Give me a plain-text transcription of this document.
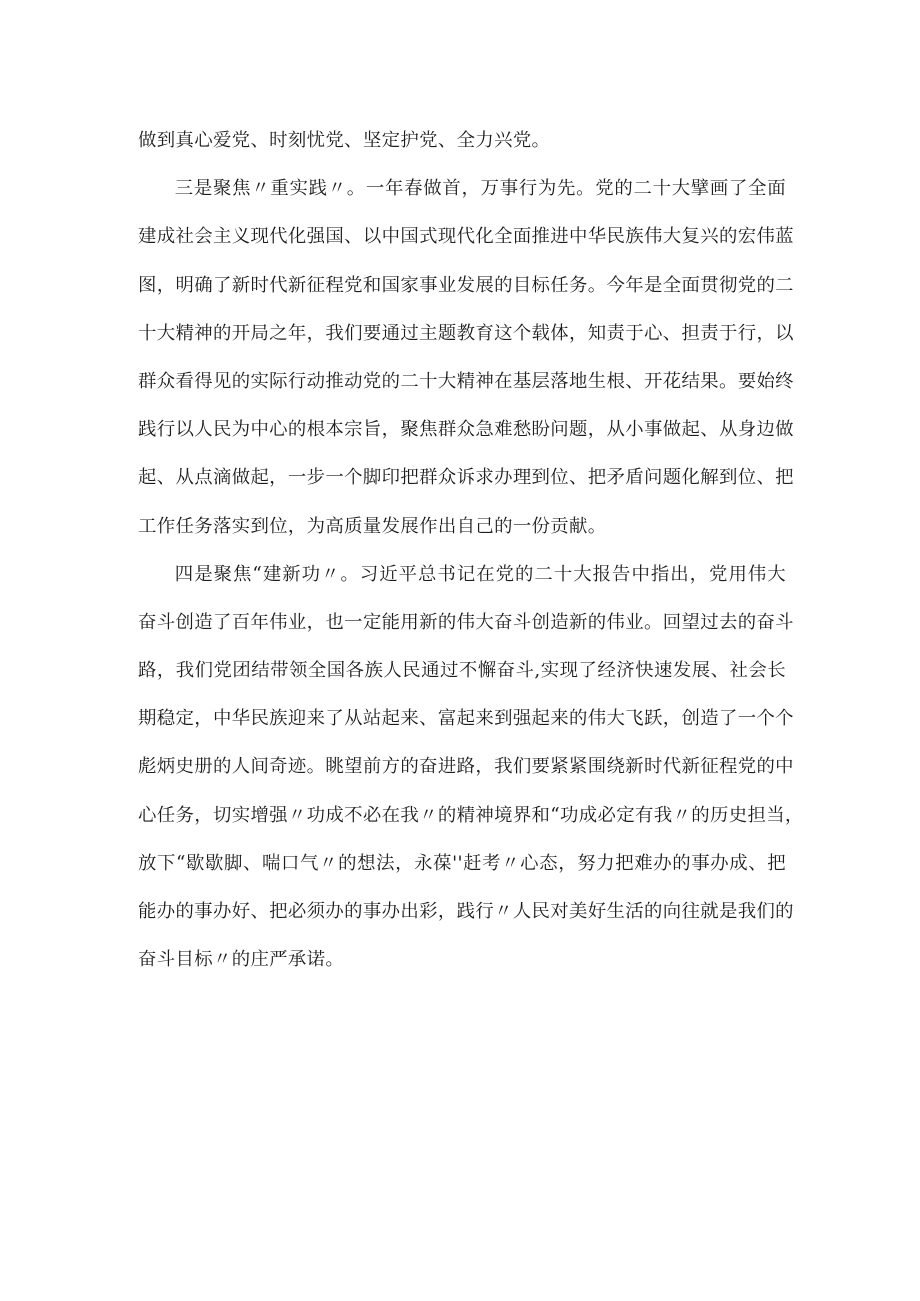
做到真心爱党、时刻忧党、坚定护党、全力兴党。

三是聚焦〃重实践〃。一年春做首，万事行为先。党的二十大擘画了全面
建成社会主义现代化强国、以中国式现代化全面推进中华民族伟大复兴的宏伟蓝
图，明确了新时代新征程党和国家事业发展的目标任务。今年是全面贯彻党的二
十大精神的开局之年，我们要通过主题教育这个载体，知责于心、担责于行，以
群众看得见的实际行动推动党的二十大精神在基层落地生根、开花结果。要始终
践行以人民为中心的根本宗旨，聚焦群众急难愁盼问题，从小事做起、从身边做
起、从点滴做起，一步一个脚印把群众诉求办理到位、把矛盾问题化解到位、把
工作任务落实到位，为高质量发展作出自己的一份贡献。

四是聚焦“建新功〃。习近平总书记在党的二十大报告中指出，党用伟大
奋斗创造了百年伟业，也一定能用新的伟大奋斗创造新的伟业。回望过去的奋斗
路，我们党团结带领全国各族人民通过不懈奋斗,实现了经济快速发展、社会长
期稳定，中华民族迎来了从站起来、富起来到强起来的伟大飞跃，创造了一个个
彪炳史册的人间奇迹。眺望前方的奋进路，我们要紧紧围绕新时代新征程党的中
心任务，切实增强〃功成不必在我〃的精神境界和“功成必定有我〃的历史担当，
放下“歇歇脚、喘口气〃的想法，永葆''赶考〃心态，努力把难办的事办成、把
能办的事办好、把必须办的事办出彩，践行〃人民对美好生活的向往就是我们的
奋斗目标〃的庄严承诺。
